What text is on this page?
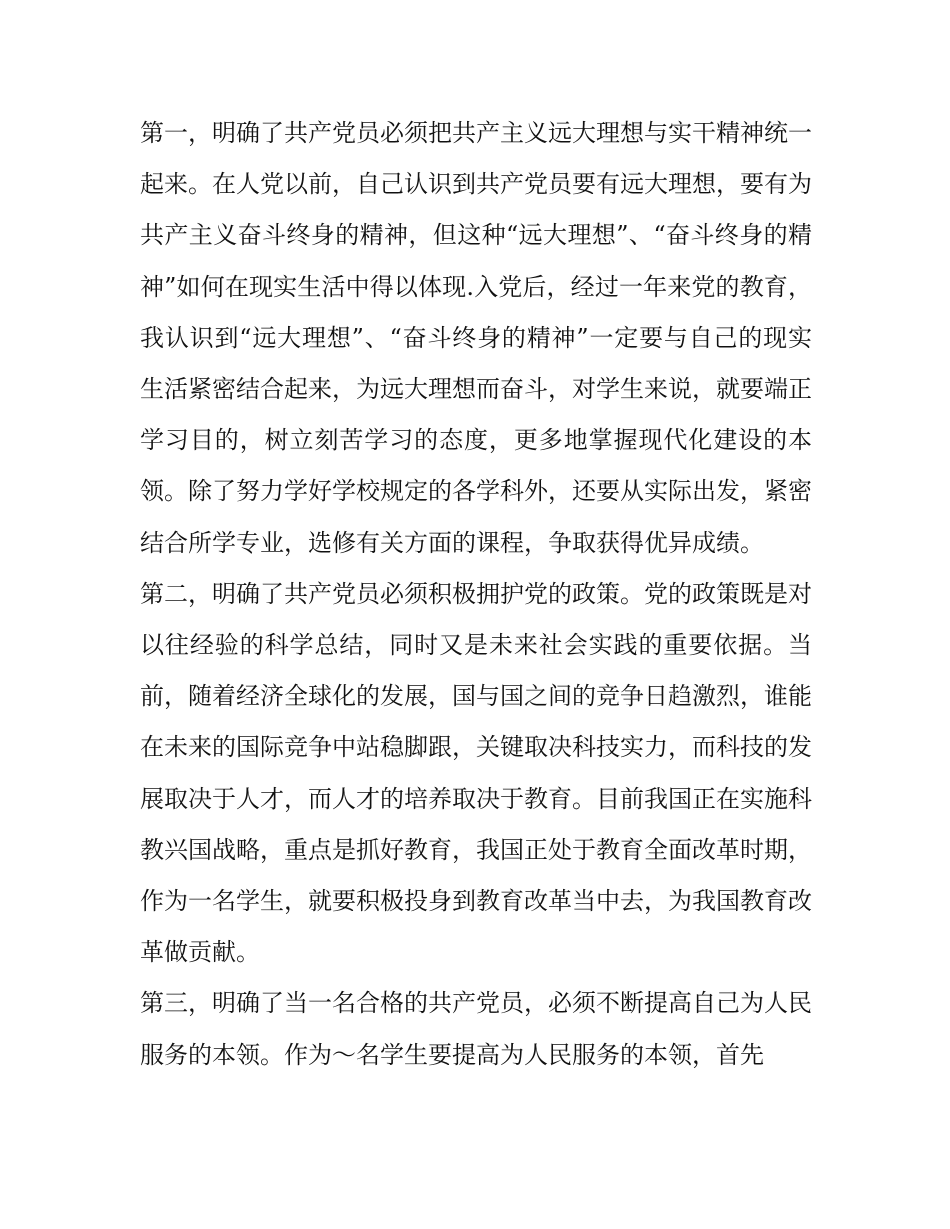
第一，明确了共产党员必须把共产主义远大理想与实干精神统一起来。在人党以前，自己认识到共产党员要有远大理想，要有为共产主义奋斗终身的精神，但这种“远大理想”、“奋斗终身的精神”如何在现实生活中得以体现.入党后，经过一年来党的教育，我认识到“远大理想”、“奋斗终身的精神”一定要与自己的现实生活紧密结合起来，为远大理想而奋斗，对学生来说，就要端正学习目的，树立刻苦学习的态度，更多地掌握现代化建设的本领。除了努力学好学校规定的各学科外，还要从实际出发，紧密结合所学专业，选修有关方面的课程，争取获得优异成绩。

第二，明确了共产党员必须积极拥护党的政策。党的政策既是对以往经验的科学总结，同时又是未来社会实践的重要依据。当前，随着经济全球化的发展，国与国之间的竞争日趋激烈，谁能在未来的国际竞争中站稳脚跟，关键取决科技实力，而科技的发展取决于人才，而人才的培养取决于教育。目前我国正在实施科教兴国战略，重点是抓好教育，我国正处于教育全面改革时期，作为一名学生，就要积极投身到教育改革当中去，为我国教育改革做贡献。

第三，明确了当一名合格的共产党员，必须不断提高自己为人民服务的本领。作为～名学生要提高为人民服务的本领，首先
